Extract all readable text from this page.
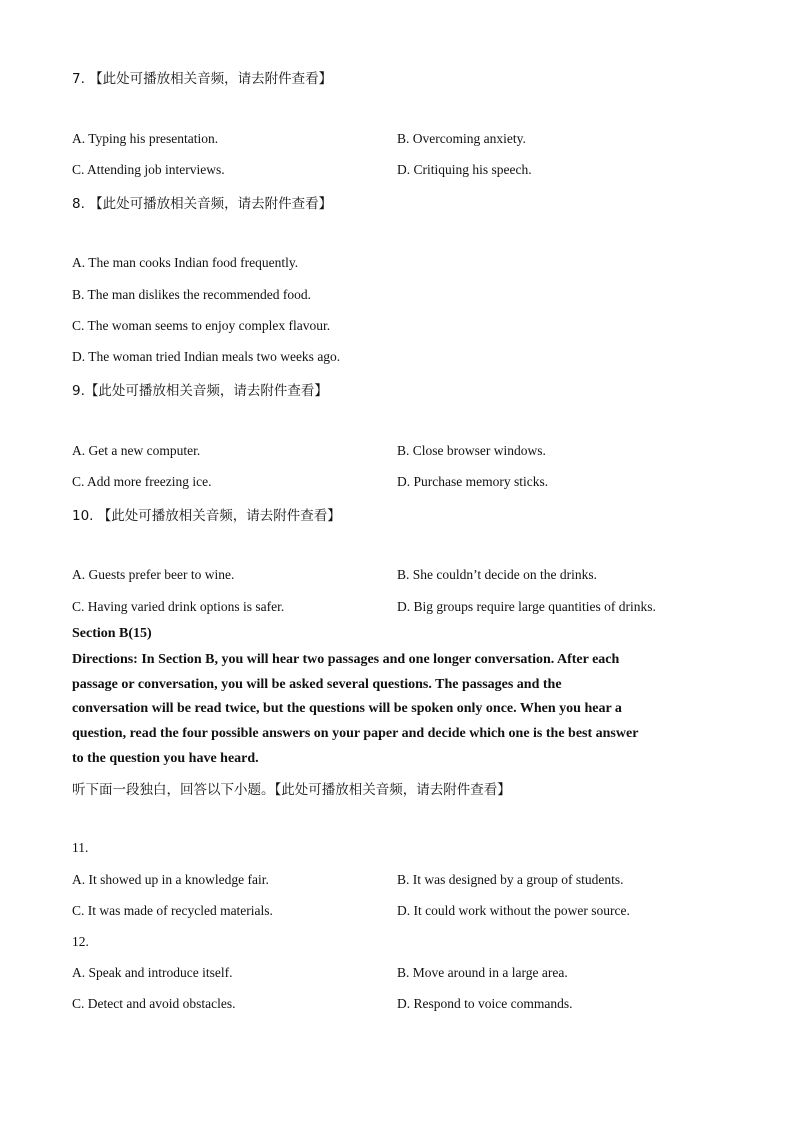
7. 【此处可播放相关音频，请去附件查看】
A. Typing his presentation.	B. Overcoming anxiety.
C. Attending job interviews.	D. Critiquing his speech.
8. 【此处可播放相关音频，请去附件查看】
A. The man cooks Indian food frequently.
B. The man dislikes the recommended food.
C. The woman seems to enjoy complex flavour.
D. The woman tried Indian meals two weeks ago.
9.【此处可播放相关音频，请去附件查看】
A. Get a new computer.	B. Close browser windows.
C. Add more freezing ice.	D. Purchase memory sticks.
10. 【此处可播放相关音频，请去附件查看】
A. Guests prefer beer to wine.	B. She couldn’t decide on the drinks.
C. Having varied drink options is safer.	D. Big groups require large quantities of drinks.
Section B(15)
Directions: In Section B, you will hear two passages and one longer conversation. After each
passage or conversation, you will be asked several questions. The passages and the
conversation will be read twice, but the questions will be spoken only once. When you hear a
question, read the four possible answers on your paper and decide which one is the best answer
to the question you have heard.
听下面一段独白，回答以下小题。【此处可播放相关音频，请去附件查看】
11.
A. It showed up in a knowledge fair.	B. It was designed by a group of students.
C. It was made of recycled materials.	D. It could work without the power source.
12.
A. Speak and introduce itself.	B. Move around in a large area.
C. Detect and avoid obstacles.	D. Respond to voice commands.
